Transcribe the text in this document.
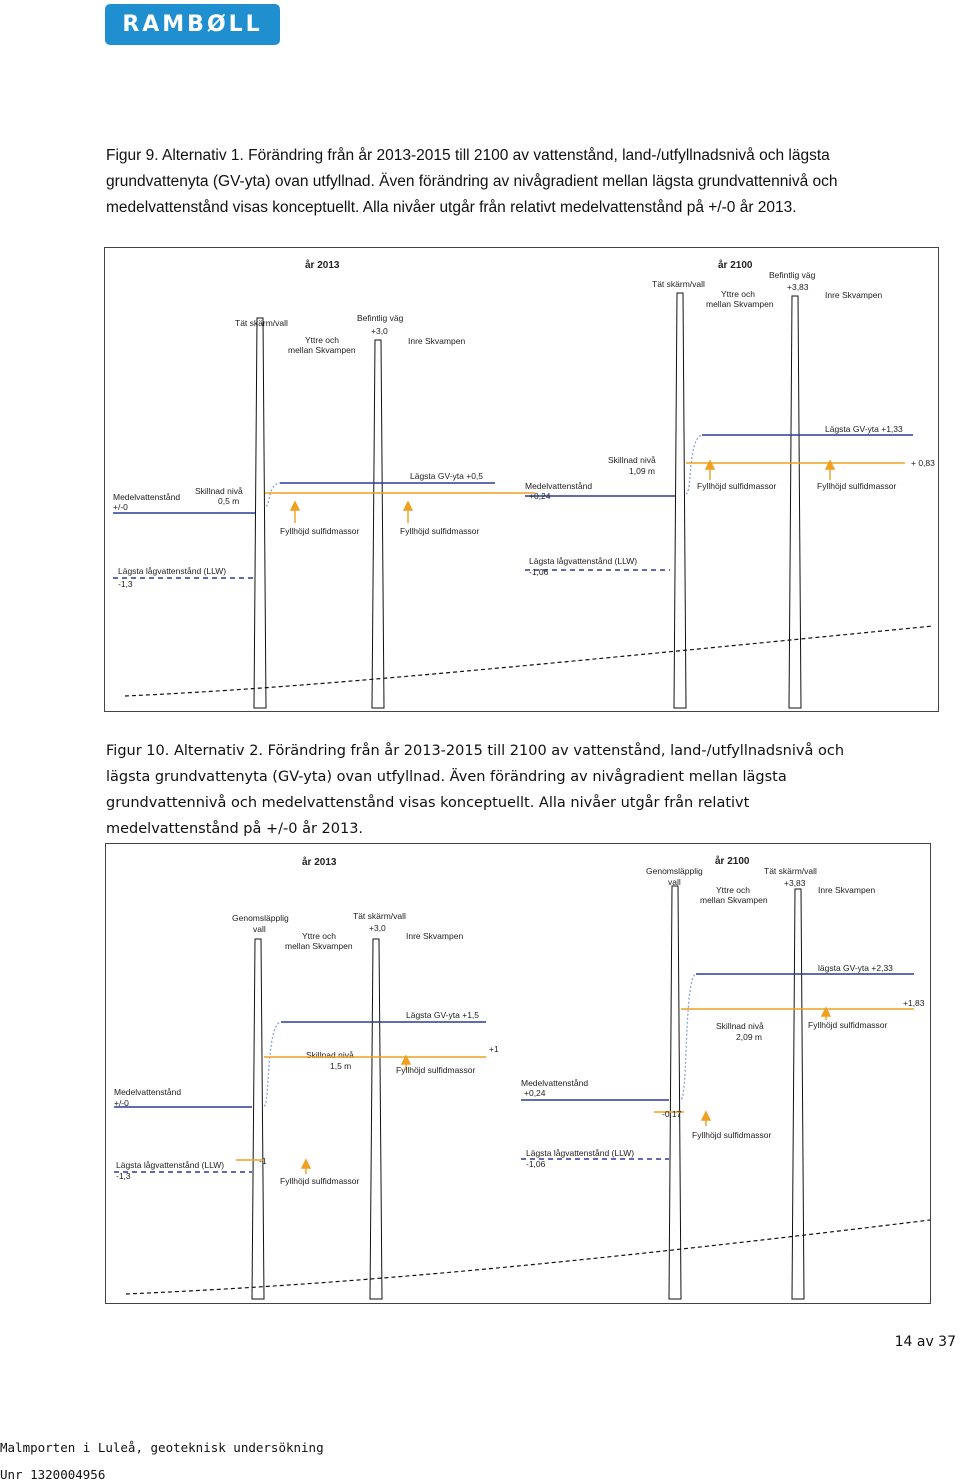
RAMBØLL

Figur 9. Alternativ 1. Förändring från år 2013-2015 till 2100 av vattenstånd, land-/utfyllnadsnivå och lägsta grundvattenyta (GV-yta) ovan utfyllnad. Även förändring av nivågradient mellan lägsta grundvattennivå och medelvattenstånd visas konceptuellt. Alla nivåer utgår från relativt medelvattenstånd på +/-0 år 2013.

år 2013	år 2100
Tät skärm/vall	Befintlig väg
+3,0
Yttre och
mellan Skvampen
Inre Skvampen
Tät skärm/vall
Befintlig väg
+3,83
Yttre och
mellan Skvampen
Inre Skvampen
Medelvattenstånd
+/-0
Medelvattenstånd
+0,24
Skillnad nivå
0,5 m
Skillnad nivå
1,09 m
Lägsta GV-yta +0,5
Lägsta GV-yta +1,33
+ 0,83
Fyllhöjd sulfidmassor	Fyllhöjd sulfidmassor
Fyllhöjd sulfidmassor	Fyllhöjd sulfidmassor
Lägsta lågvattenstånd (LLW)
-1,3
Lägsta lågvattenstånd (LLW)
-1,06

Figur 10. Alternativ 2. Förändring från år 2013-2015 till 2100 av vattenstånd, land-/utfyllnadsnivå och lägsta grundvattenyta (GV-yta) ovan utfyllnad. Även förändring av nivågradient mellan lägsta grundvattennivå och medelvattenstånd visas konceptuellt. Alla nivåer utgår från relativt medelvattenstånd på +/-0 år 2013.

år 2013	år 2100
Genomsläpplig
vall
Tät skärm/vall
+3,0
Yttre och
mellan Skvampen
Inre Skvampen
Genomsläpplig
vall
Tät skärm/vall
+3,83
Yttre och
mellan Skvampen
Inre Skvampen
Medelvattenstånd
+/-0
Medelvattenstånd
+0,24
Skillnad nivå
1,5 m
Skillnad nivå
2,09 m
Lägsta GV-yta +1,5
lägsta GV-yta +2,33
+1
+1,83
-1
-0,17
Fyllhöjd sulfidmassor
Fyllhöjd sulfidmassor
Fyllhöjd sulfidmassor
Fyllhöjd sulfidmassor
Lägsta lågvattenstånd (LLW)
-1,3
Lägsta lågvattenstånd (LLW)
-1,06
14 av 37
Malmporten i Luleå, geoteknisk undersökning
Unr 1320004956
